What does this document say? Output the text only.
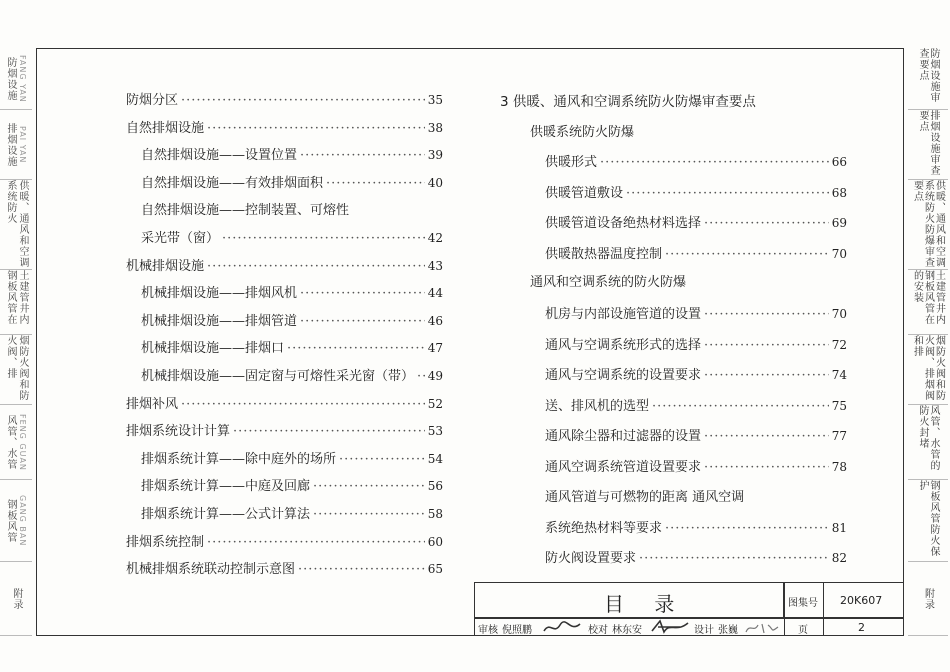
防烟设施 FANG YAN
排烟设施 PAI YAN
供暖、通风和空调系统防火
土建管井内钢板风管在
烟防火阀和防火阀、排
风管、水管 FENG GUAN
钢板风管 GANG BAN
附录
防烟设施审查要点
排烟设施审查要点
供暖、通风和空调系统防火防爆审查要点
土建管井内钢板风管在的安装
烟防火阀和防火阀、排烟阀和排
风管、水管的防火封堵
钢板风管防火保护
附录
防烟分区 ·····	35
自然排烟设施 ·····	38
自然排烟设施——设置位置 ·····	39
自然排烟设施——有效排烟面积 ·····	40
自然排烟设施——控制装置、可熔性
采光带（窗） ·····	42
机械排烟设施 ·····	43
机械排烟设施——排烟风机 ·····	44
机械排烟设施——排烟管道 ·····	46
机械排烟设施——排烟口 ·····	47
机械排烟设施——固定窗与可熔性采光窗（带） ····· 49
排烟补风 ·····	52
排烟系统设计计算 ·····	53
排烟系统计算——除中庭外的场所 ·····	54
排烟系统计算——中庭及回廊 ·····	56
排烟系统计算——公式计算法 ·····	58
排烟系统控制 ·····	60
机械排烟系统联动控制示意图 ·····	65
3 供暖、通风和空调系统防火防爆审查要点
供暖系统防火防爆
供暖形式 ·····	66
供暖管道敷设 ·····	68
供暖管道设备绝热材料选择 ·····	69
供暖散热器温度控制 ·····	70
通风和空调系统的防火防爆
机房与内部设施管道的设置 ·····	70
通风与空调系统形式的选择 ·····	72
通风与空调系统的设置要求 ·····	74
送、排风机的选型 ·····	75
通风除尘器和过滤器的设置 ·····	77
通风空调系统管道设置要求 ·····	78
通风管道与可燃物的距离 通风空调
系统绝热材料等要求 ·····	81
防火阀设置要求 ·····	82
目 录	图集号 20K607
审核 倪照鹏	校对 林东安	设计 张巍	页	2
